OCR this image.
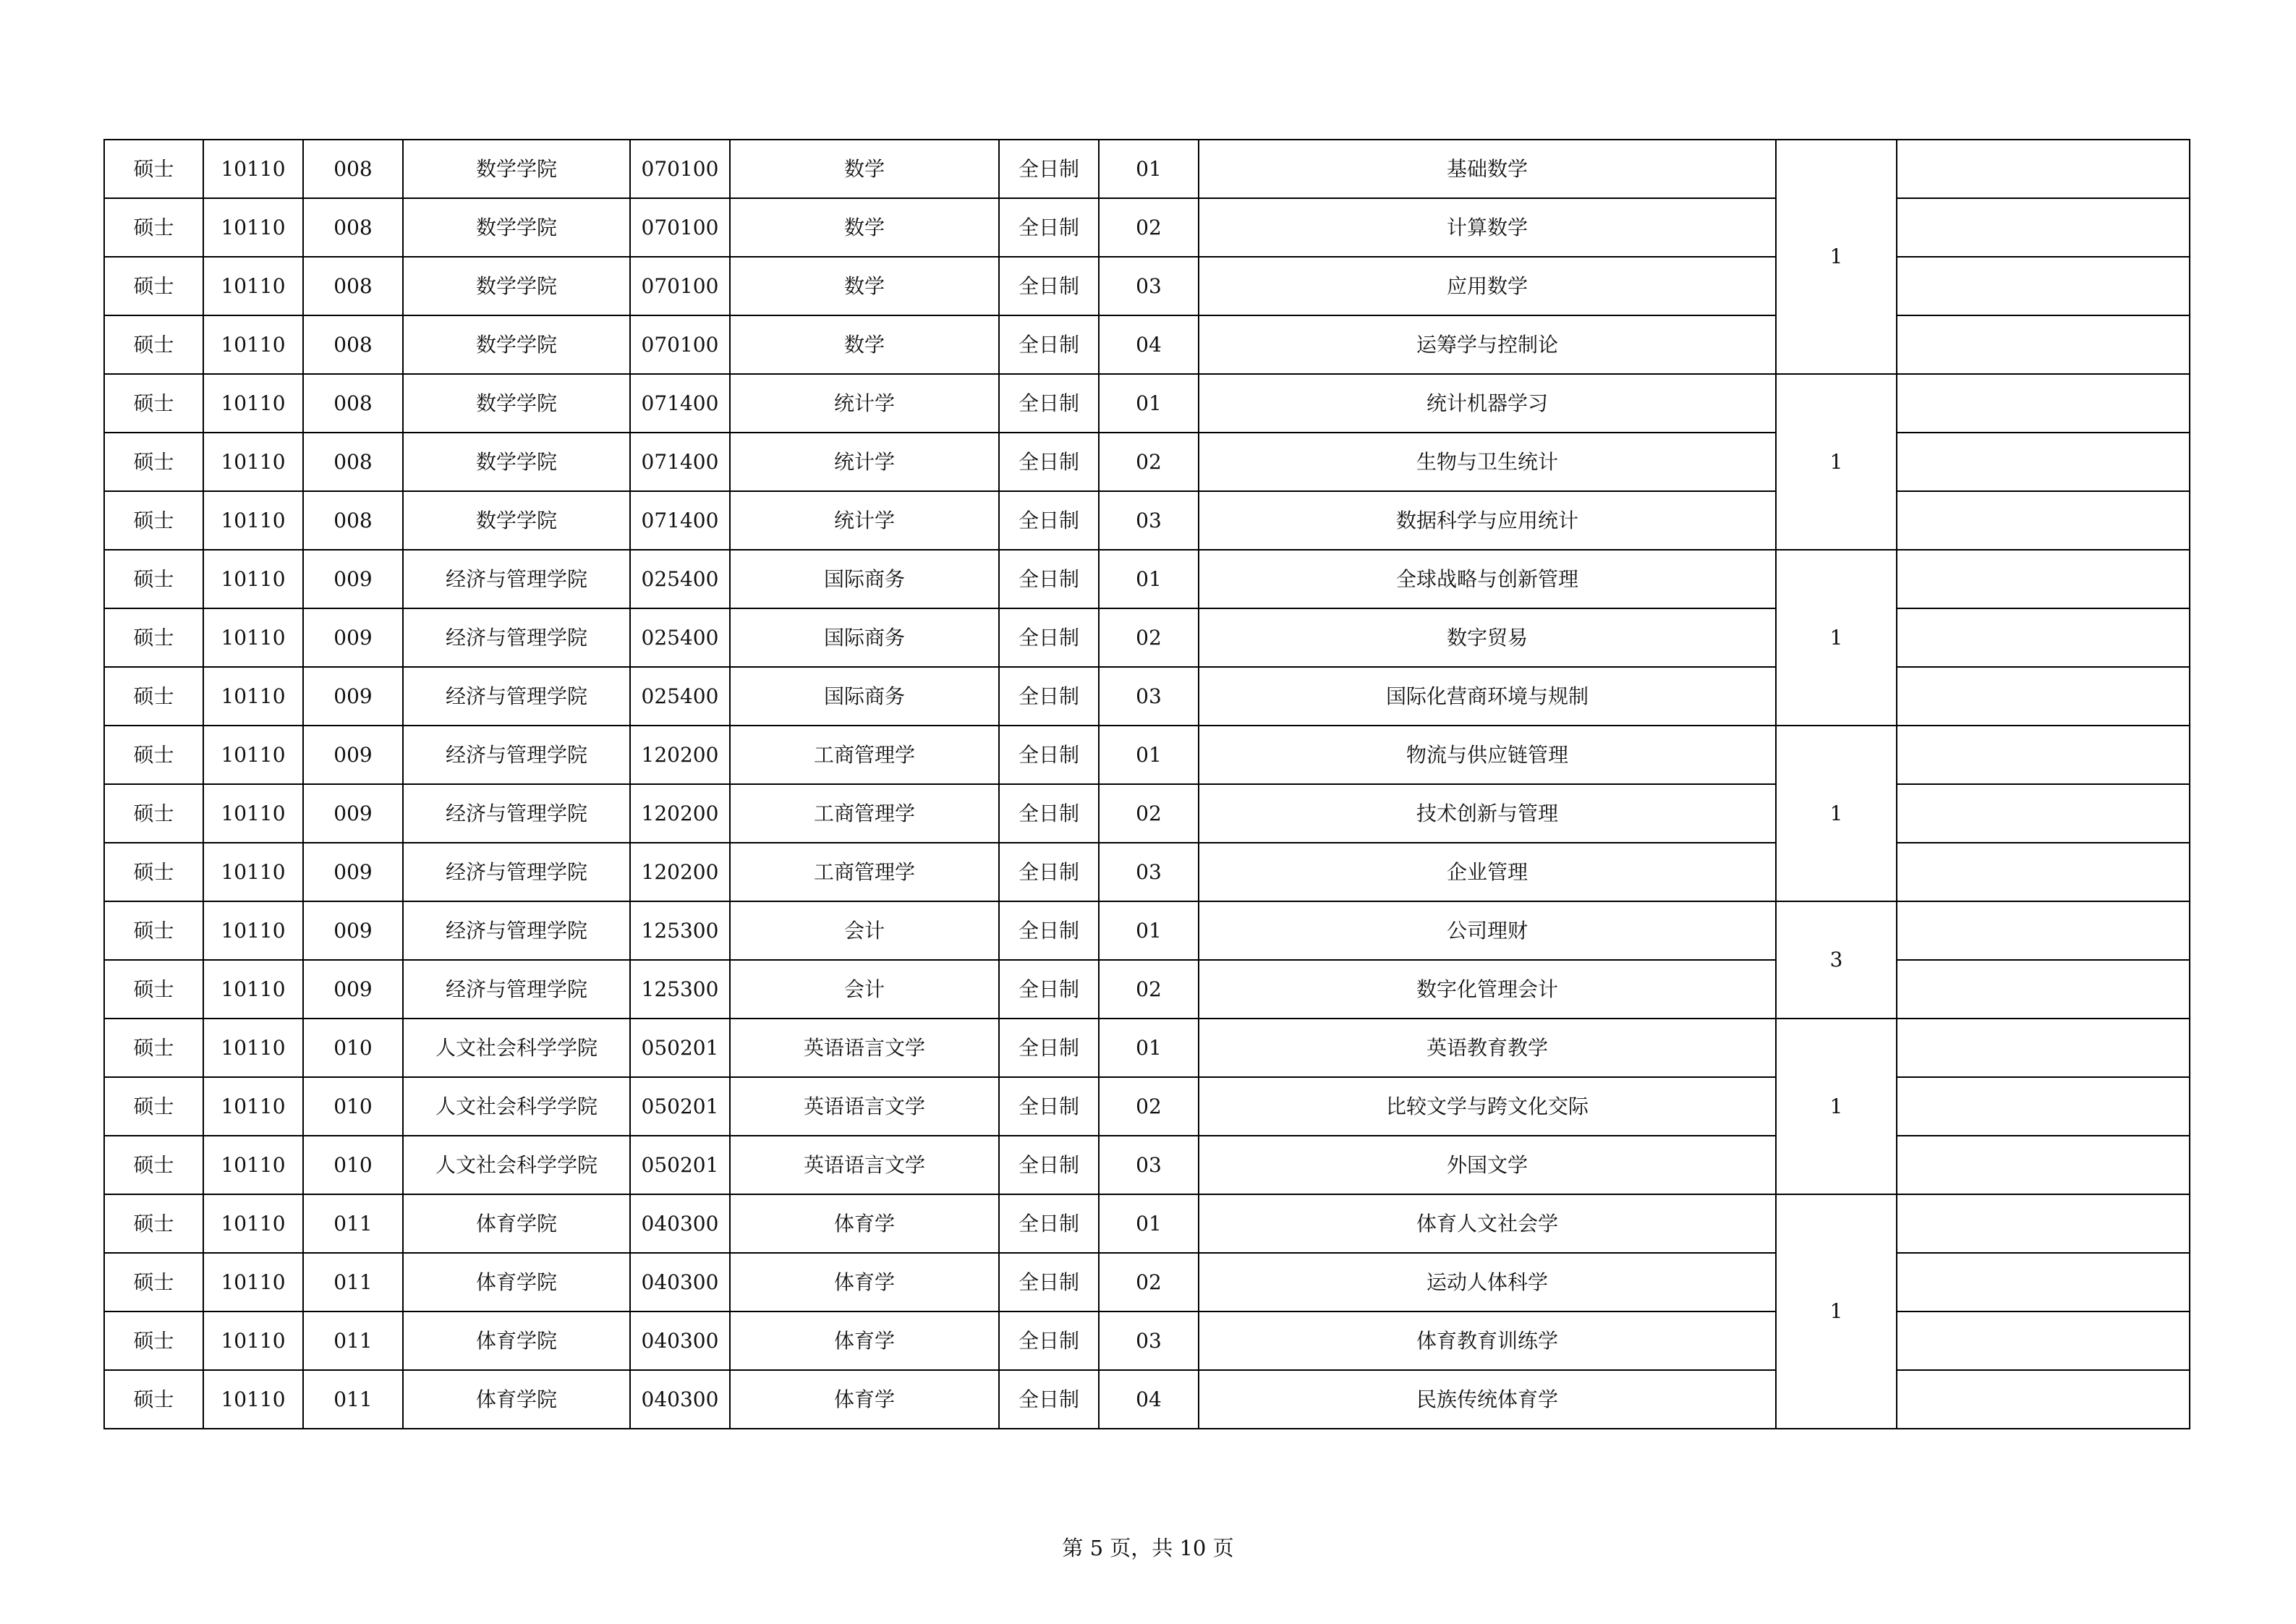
硕士	10110	008	数学学院	070100	数学	全日制	01	基础数学	1	
硕士	10110	008	数学学院	070100	数学	全日制	02	计算数学		
硕士	10110	008	数学学院	070100	数学	全日制	03	应用数学		
硕士	10110	008	数学学院	070100	数学	全日制	04	运筹学与控制论		
硕士	10110	008	数学学院	071400	统计学	全日制	01	统计机器学习	1	
硕士	10110	008	数学学院	071400	统计学	全日制	02	生物与卫生统计		
硕士	10110	008	数学学院	071400	统计学	全日制	03	数据科学与应用统计		
硕士	10110	009	经济与管理学院	025400	国际商务	全日制	01	全球战略与创新管理	1	
硕士	10110	009	经济与管理学院	025400	国际商务	全日制	02	数字贸易		
硕士	10110	009	经济与管理学院	025400	国际商务	全日制	03	国际化营商环境与规制		
硕士	10110	009	经济与管理学院	120200	工商管理学	全日制	01	物流与供应链管理	1	
硕士	10110	009	经济与管理学院	120200	工商管理学	全日制	02	技术创新与管理		
硕士	10110	009	经济与管理学院	120200	工商管理学	全日制	03	企业管理		
硕士	10110	009	经济与管理学院	125300	会计	全日制	01	公司理财	3	
硕士	10110	009	经济与管理学院	125300	会计	全日制	02	数字化管理会计		
硕士	10110	010	人文社会科学学院	050201	英语语言文学	全日制	01	英语教育教学	1	
硕士	10110	010	人文社会科学学院	050201	英语语言文学	全日制	02	比较文学与跨文化交际		
硕士	10110	010	人文社会科学学院	050201	英语语言文学	全日制	03	外国文学		
硕士	10110	011	体育学院	040300	体育学	全日制	01	体育人文社会学	1	
硕士	10110	011	体育学院	040300	体育学	全日制	02	运动人体科学		
硕士	10110	011	体育学院	040300	体育学	全日制	03	体育教育训练学		
硕士	10110	011	体育学院	040300	体育学	全日制	04	民族传统体育学		
第 5 页，共 10 页
